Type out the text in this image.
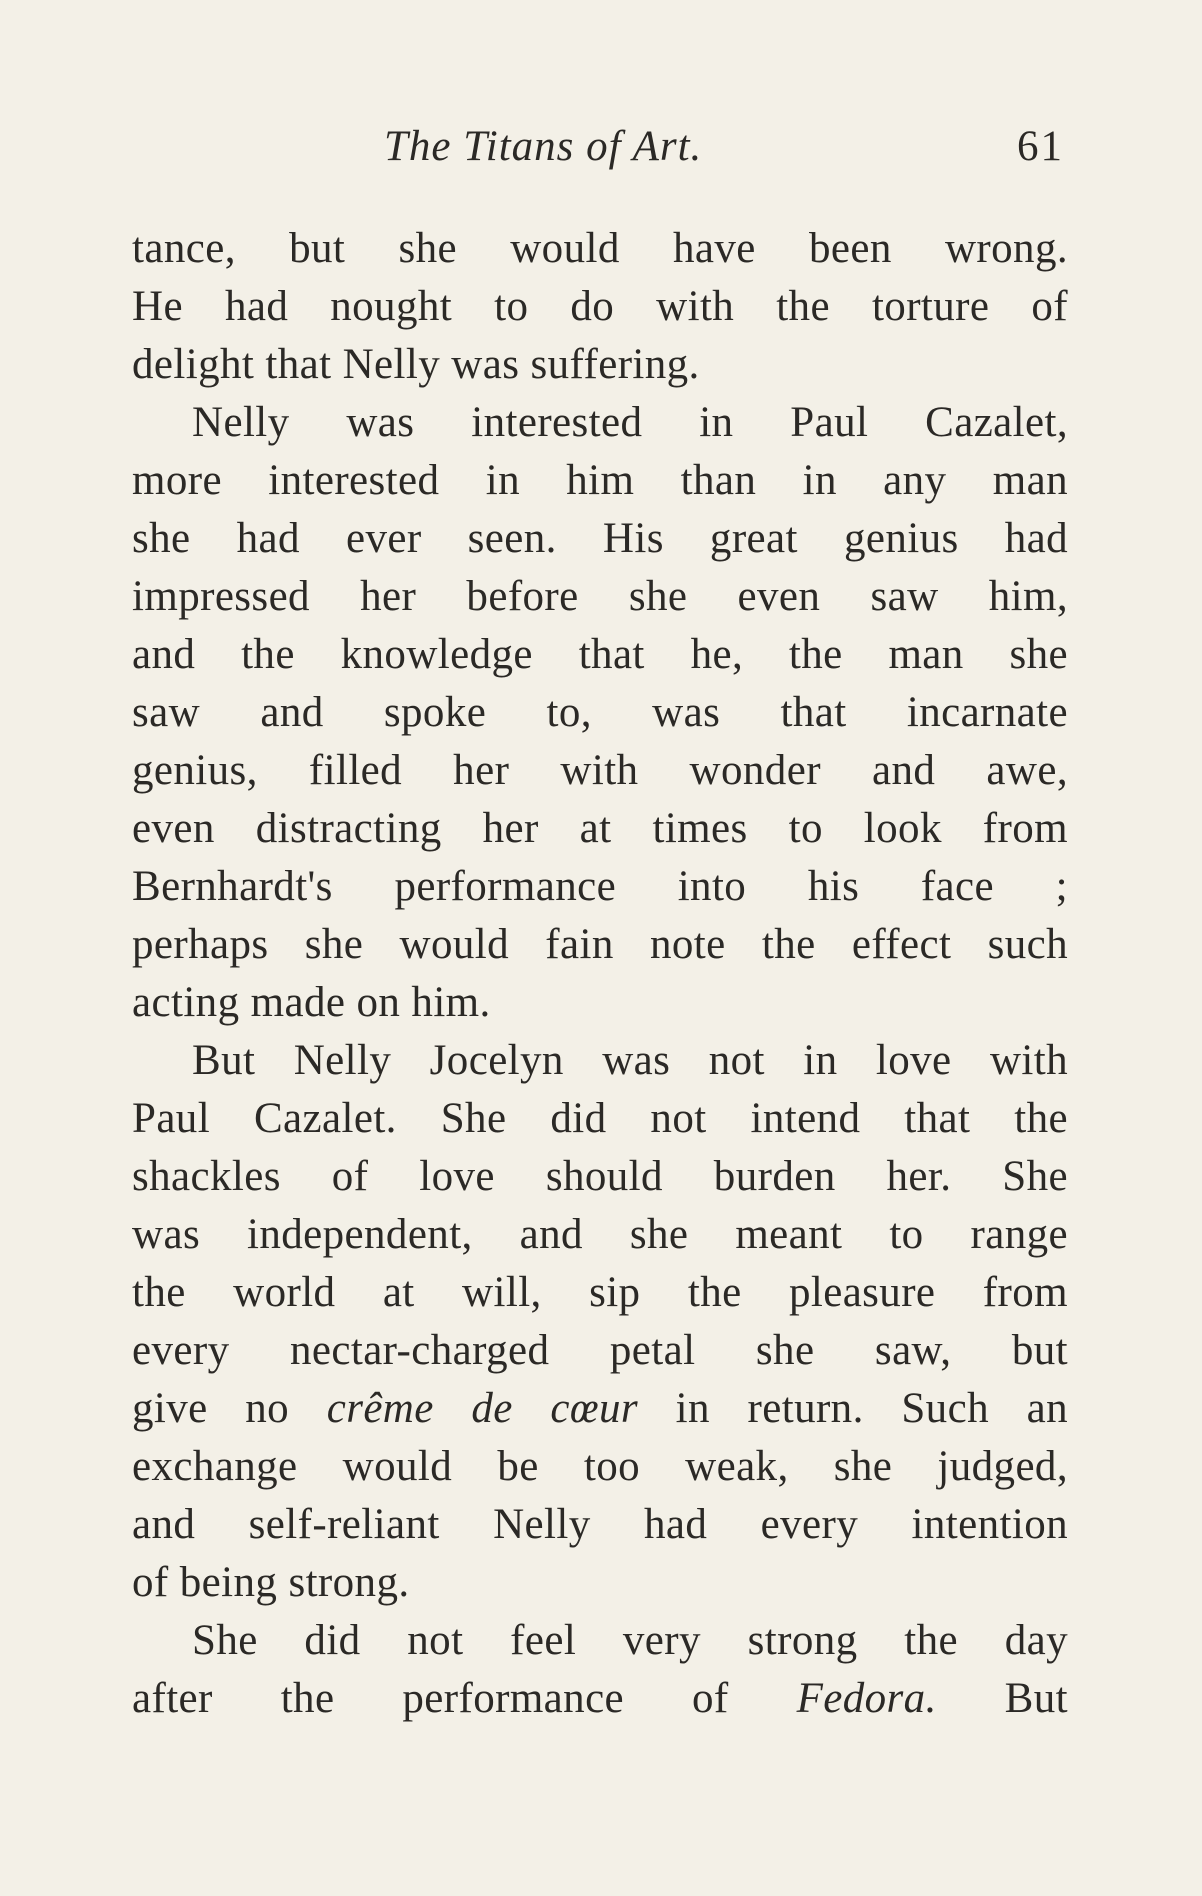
The Titans of Art.	61
tance, but she would have been wrong.
He had nought to do with the torture of
delight that Nelly was suffering.
Nelly was interested in Paul Cazalet,
more interested in him than in any man
she had ever seen. His great genius had
impressed her before she even saw him,
and the knowledge that he, the man she
saw and spoke to, was that incarnate
genius, filled her with wonder and awe,
even distracting her at times to look from
Bernhardt's performance into his face ;
perhaps she would fain note the effect such
acting made on him.
But Nelly Jocelyn was not in love with
Paul Cazalet. She did not intend that the
shackles of love should burden her. She
was independent, and she meant to range
the world at will, sip the pleasure from
every nectar-charged petal she saw, but
give no crême de cœur in return. Such an
exchange would be too weak, she judged,
and self-reliant Nelly had every intention
of being strong.
She did not feel very strong the day
after the performance of Fedora. But
